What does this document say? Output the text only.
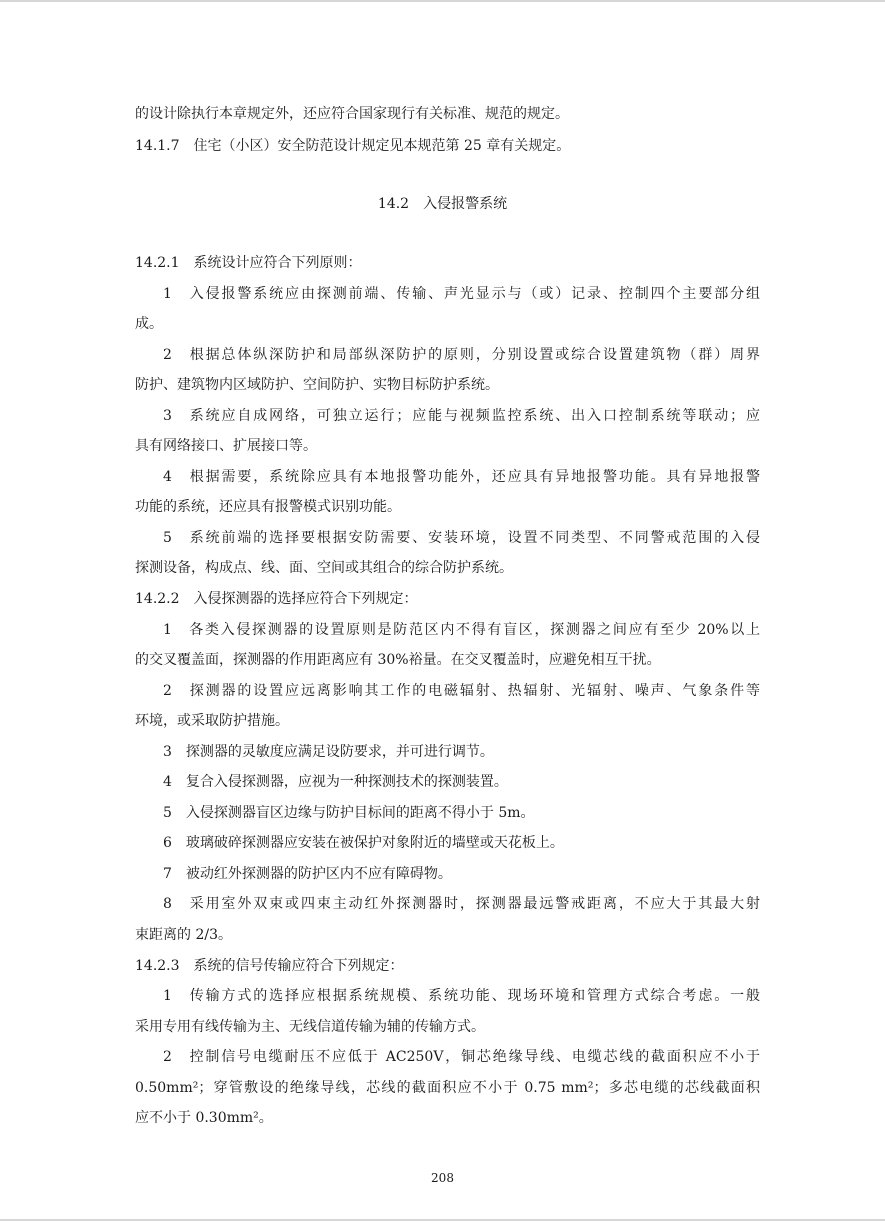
的设计除执行本章规定外，还应符合国家现行有关标准、规范的规定。

14.1.7　住宅（小区）安全防范设计规定见本规范第 25 章有关规定。

14.2　入侵报警系统

14.2.1　系统设计应符合下列原则：

1　入侵报警系统应由探测前端、传输、声光显示与（或）记录、控制四个主要部分组

成。

2　根据总体纵深防护和局部纵深防护的原则，分别设置或综合设置建筑物（群）周界

防护、建筑物内区域防护、空间防护、实物目标防护系统。

3　系统应自成网络，可独立运行；应能与视频监控系统、出入口控制系统等联动；应

具有网络接口、扩展接口等。

4　根据需要，系统除应具有本地报警功能外，还应具有异地报警功能。具有异地报警

功能的系统，还应具有报警模式识别功能。

5　系统前端的选择要根据安防需要、安装环境，设置不同类型、不同警戒范围的入侵

探测设备，构成点、线、面、空间或其组合的综合防护系统。

14.2.2　入侵探测器的选择应符合下列规定：

1　各类入侵探测器的设置原则是防范区内不得有盲区，探测器之间应有至少 20%以上

的交叉覆盖面，探测器的作用距离应有 30%裕量。在交叉覆盖时，应避免相互干扰。

2　探测器的设置应远离影响其工作的电磁辐射、热辐射、光辐射、噪声、气象条件等

环境，或采取防护措施。

3　探测器的灵敏度应满足设防要求，并可进行调节。

4　复合入侵探测器，应视为一种探测技术的探测装置。

5　入侵探测器盲区边缘与防护目标间的距离不得小于 5m。

6　玻璃破碎探测器应安装在被保护对象附近的墙壁或天花板上。

7　被动红外探测器的防护区内不应有障碍物。

8　采用室外双束或四束主动红外探测器时，探测器最远警戒距离，不应大于其最大射

束距离的 2/3。

14.2.3　系统的信号传输应符合下列规定：

1　传输方式的选择应根据系统规模、系统功能、现场环境和管理方式综合考虑。一般

采用专用有线传输为主、无线信道传输为辅的传输方式。

2　控制信号电缆耐压不应低于 AC250V，铜芯绝缘导线、电缆芯线的截面积应不小于

0.50mm²；穿管敷设的绝缘导线，芯线的截面积应不小于 0.75 mm²；多芯电缆的芯线截面积

应不小于 0.30mm²。

208
